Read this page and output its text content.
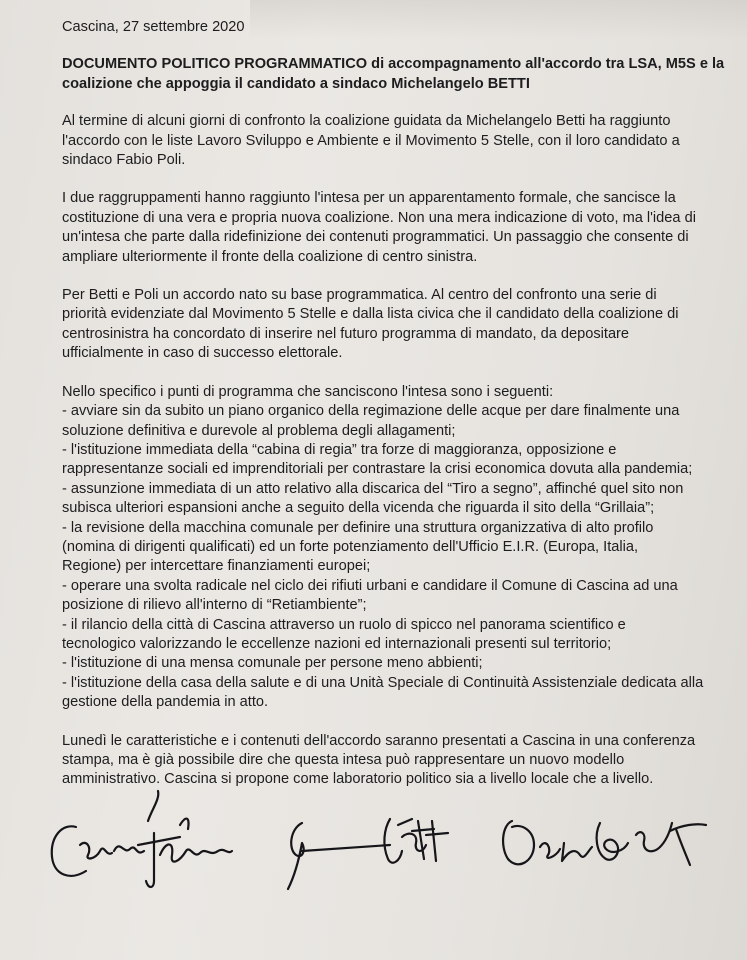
Cascina, 27 settembre 2020
DOCUMENTO POLITICO PROGRAMMATICO di accompagnamento all'accordo tra LSA, M5S e la
coalizione che appoggia il candidato a sindaco Michelangelo BETTI
Al termine di alcuni giorni di confronto la coalizione guidata da Michelangelo Betti ha raggiunto
l'accordo con le liste Lavoro Sviluppo e Ambiente e il Movimento 5 Stelle, con il loro candidato a
sindaco Fabio Poli.
I due raggruppamenti hanno raggiunto l'intesa per un apparentamento formale, che sancisce la
costituzione di una vera e propria nuova coalizione. Non una mera indicazione di voto, ma l'idea di
un'intesa che parte dalla ridefinizione dei contenuti programmatici. Un passaggio che consente di
ampliare ulteriormente il fronte della coalizione di centro sinistra.
Per Betti e Poli un accordo nato su base programmatica. Al centro del confronto una serie di
priorità evidenziate dal Movimento 5 Stelle e dalla lista civica che il candidato della coalizione di
centrosinistra ha concordato di inserire nel futuro programma di mandato, da depositare
ufficialmente in caso di successo elettorale.
Nello specifico i punti di programma che sanciscono l'intesa sono i seguenti:
- avviare sin da subito un piano organico della regimazione delle acque per dare finalmente una
soluzione definitiva e durevole al problema degli allagamenti;
- l'istituzione immediata della “cabina di regia” tra forze di maggioranza, opposizione e
rappresentanze sociali ed imprenditoriali per contrastare la crisi economica dovuta alla pandemia;
- assunzione immediata di un atto relativo alla discarica del “Tiro a segno”, affinché quel sito non
subisca ulteriori espansioni anche a seguito della vicenda che riguarda il sito della “Grillaia”;
- la revisione della macchina comunale per definire una struttura organizzativa di alto profilo
(nomina di dirigenti qualificati) ed un forte potenziamento dell'Ufficio E.I.R. (Europa, Italia,
Regione) per intercettare finanziamenti europei;
- operare una svolta radicale nel ciclo dei rifiuti urbani e candidare il Comune di Cascina ad una
posizione di rilievo all'interno di “Retiambiente”;
- il rilancio della città di Cascina attraverso un ruolo di spicco nel panorama scientifico e
tecnologico valorizzando le eccellenze nazioni ed internazionali presenti sul territorio;
- l'istituzione di una mensa comunale per persone meno abbienti;
- l'istituzione della casa della salute e di una Unità Speciale di Continuità Assistenziale dedicata alla
gestione della pandemia in atto.
Lunedì le caratteristiche e i contenuti dell'accordo saranno presentati a Cascina in una conferenza
stampa, ma è già possibile dire che questa intesa può rappresentare un nuovo modello
amministrativo. Cascina si propone come laboratorio politico sia a livello locale che a livello.
